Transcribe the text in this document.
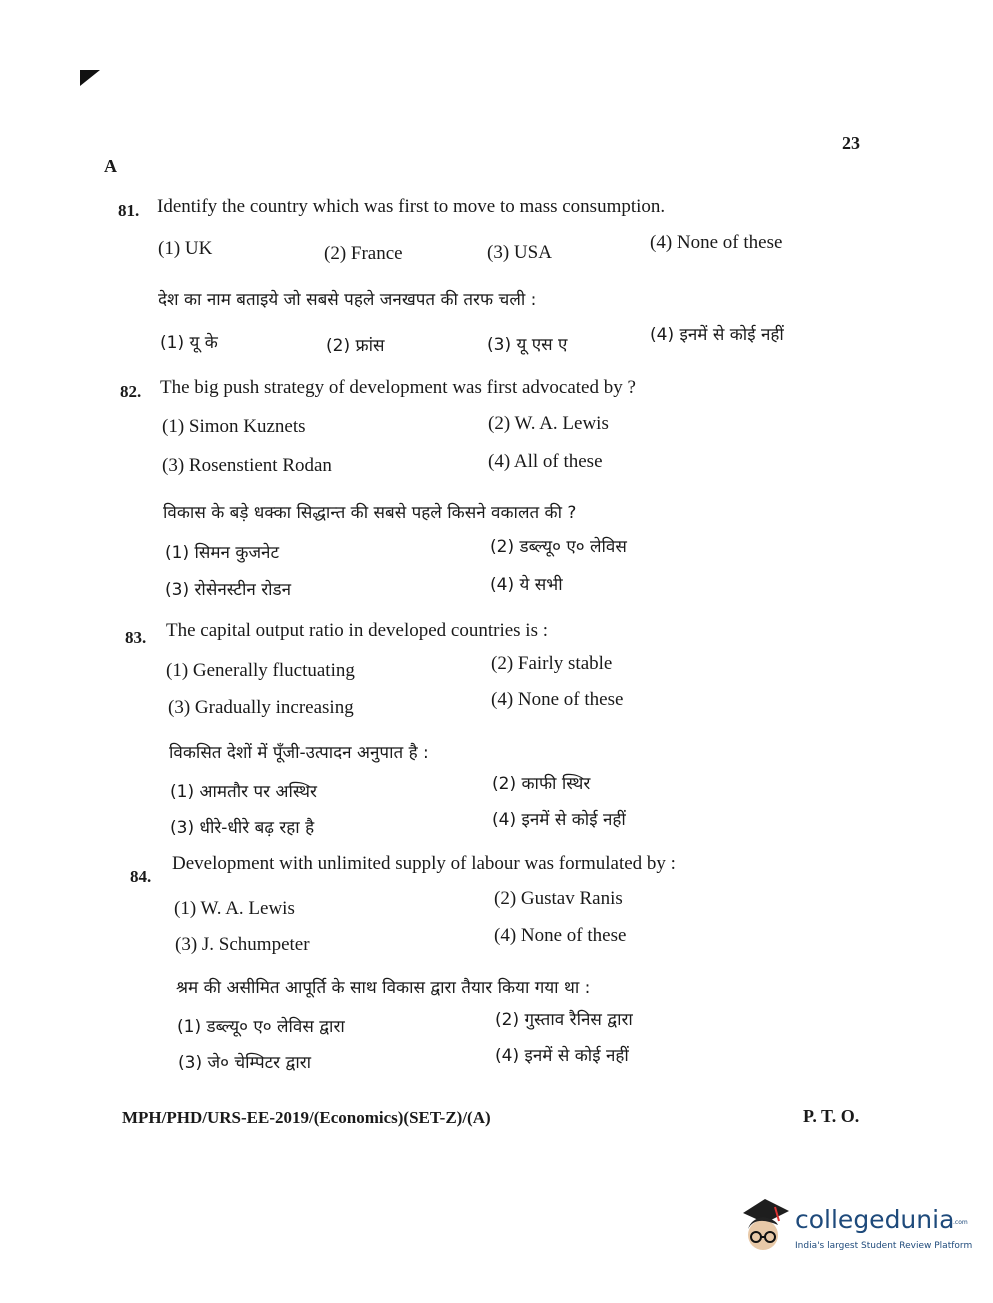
23
A
81. Identify the country which was first to move to mass consumption.
(1) UK	(2) France	(3) USA	(4) None of these
देश का नाम बताइये जो सबसे पहले जनखपत की तरफ चली :
(1) यू के	(2) फ्रांस	(3) यू एस ए	(4) इनमें से कोई नहीं
82. The big push strategy of development was first advocated by ?
(1) Simon Kuznets	(2) W. A. Lewis
(3) Rosenstient Rodan	(4) All of these
विकास के बड़े धक्का सिद्धान्त की सबसे पहले किसने वकालत की ?
(1) सिमन कुजनेट	(2) डब्ल्यू० ए० लेविस
(3) रोसेनस्टीन रोडन	(4) ये सभी
83. The capital output ratio in developed countries is :
(1) Generally fluctuating	(2) Fairly stable
(3) Gradually increasing	(4) None of these
विकसित देशों में पूँजी-उत्पादन अनुपात है :
(1) आमतौर पर अस्थिर	(2) काफी स्थिर
(3) धीरे-धीरे बढ़ रहा है	(4) इनमें से कोई नहीं
84.
Development with unlimited supply of labour was formulated by :
(1) W. A. Lewis	(2) Gustav Ranis
(3) J. Schumpeter	(4) None of these
श्रम की असीमित आपूर्ति के साथ विकास द्वारा तैयार किया गया था :
(1) डब्ल्यू० ए० लेविस द्वारा	(2) गुस्ताव रैनिस द्वारा
(3) जे० चेम्पिटर द्वारा	(4) इनमें से कोई नहीं
MPH/PHD/URS-EE-2019/(Economics)(SET-Z)/(A)	P. T. O.
collegedunia
.com
India's largest Student Review Platform
